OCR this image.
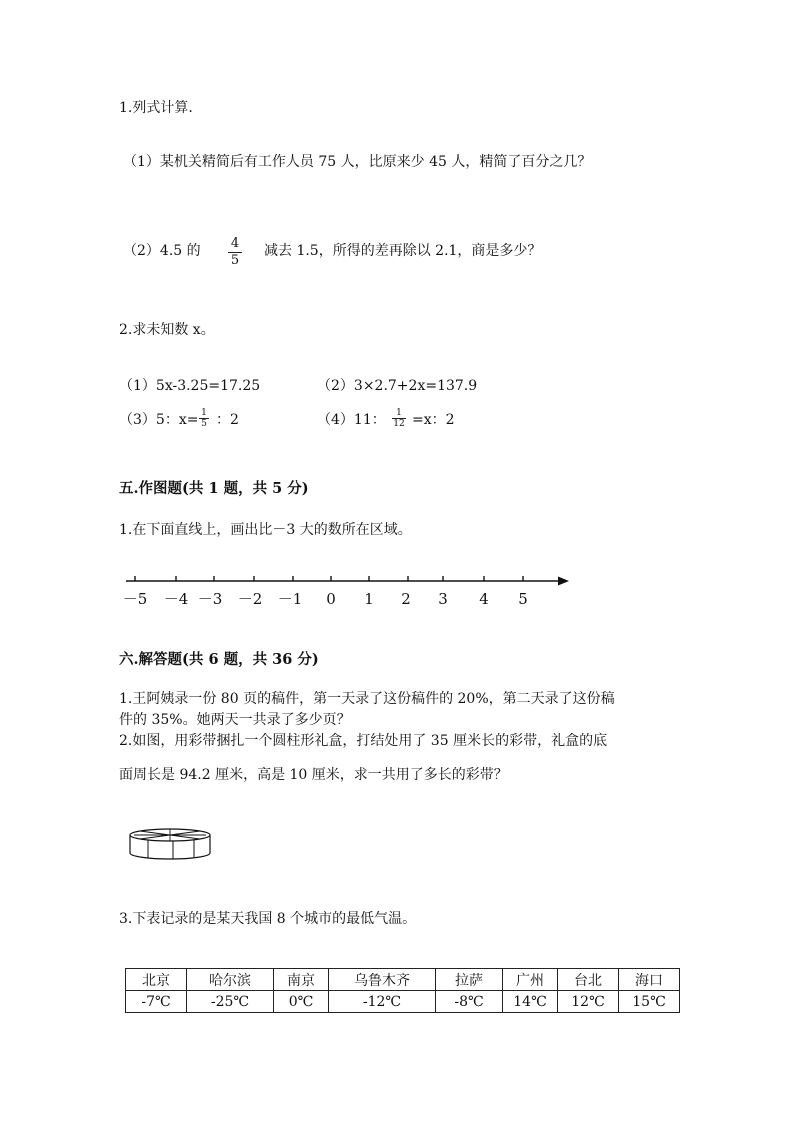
1.列式计算.
（1）某机关精简后有工作人员 75 人，比原来少 45 人，精简了百分之几？
（2）4.5 的 4
5
减去 1.5，所得的差再除以 2.1，商是多少？
2.求未知数 x。
（1）5x-3.25=17.25	（2）3×2.7+2x=137.9
（3）5：x= 1
5 ：2	（4）11： 1
12 =x：2
五.作图题(共 1 题，共 5 分)
1.在下面直线上，画出比－3 大的数所在区域。
－5 －4 －3 －2 －1 0 1 2 3 4 5
六.解答题(共 6 题，共 36 分)
1.王阿姨录一份 80 页的稿件，第一天录了这份稿件的 20%，第二天录了这份稿
件的 35%。她两天一共录了多少页？
2.如图，用彩带捆扎一个圆柱形礼盒，打结处用了 35 厘米长的彩带，礼盒的底
面周长是 94.2 厘米，高是 10 厘米，求一共用了多长的彩带？
3.下表记录的是某天我国 8 个城市的最低气温。
北京	哈尔滨	南京	乌鲁木齐	拉萨	广州	台北	海口
-7℃	-25℃	0℃	-12℃	-8℃	14℃	12℃	15℃
